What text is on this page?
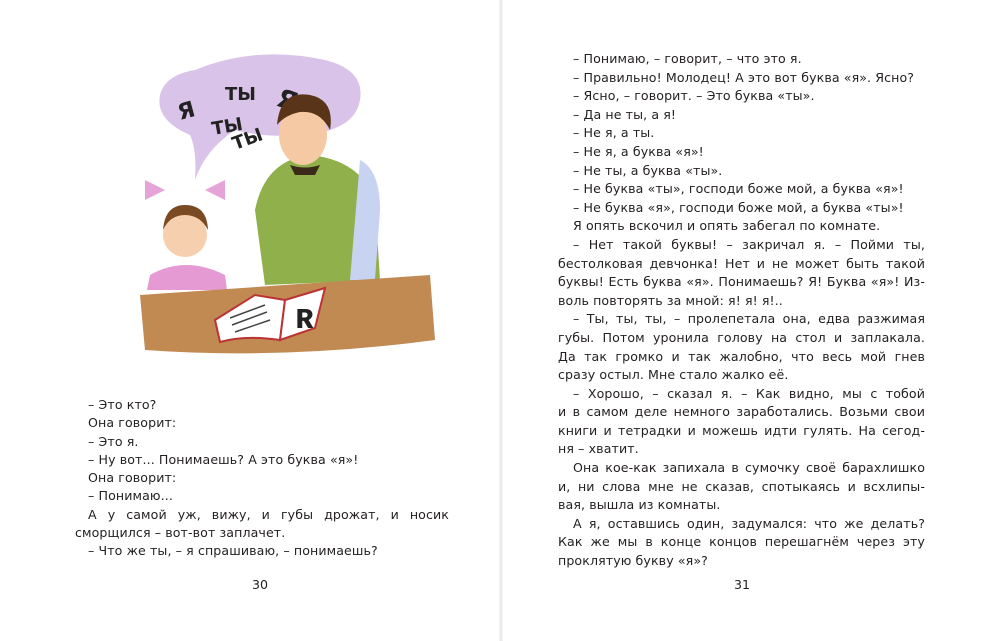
Я
ТЫ
ТЫ
ТЫ
Я
– Это кто?
Она говорит:
– Это я.
– Ну вот... Понимаешь? А это буква «я»!
Она говорит:
– Понимаю...
А у самой уж, вижу, и губы дрожат, и носик
сморщился – вот-вот заплачет.
– Что же ты, – я спрашиваю, – понимаешь?
30
– Понимаю, – говорит, – что это я.
– Правильно! Молодец! А это вот буква «я». Ясно?
– Ясно, – говорит. – Это буква «ты».
– Да не ты, а я!
– Не я, а ты.
– Не я, а буква «я»!
– Не ты, а буква «ты».
– Не буква «ты», господи боже мой, а буква «я»!
– Не буква «я», господи боже мой, а буква «ты»!
Я опять вскочил и опять забегал по комнате.
– Нет такой буквы! – закричал я. – Пойми ты,
бестолковая девчонка! Нет и не может быть такой
буквы! Есть буква «я». Понимаешь? Я! Буква «я»! Из-
воль повторять за мной: я! я! я!..
– Ты, ты, ты, – пролепетала она, едва разжимая
губы. Потом уронила голову на стол и заплакала.
Да так громко и так жалобно, что весь мой гнев
сразу остыл. Мне стало жалко её.
– Хорошо, – сказал я. – Как видно, мы с тобой
и в самом деле немного заработались. Возьми свои
книги и тетрадки и можешь идти гулять. На сегод-
ня – хватит.
Она кое-как запихала в сумочку своё барахлишко
и, ни слова мне не сказав, спотыкаясь и всхлипы-
вая, вышла из комнаты.
А я, оставшись один, задумался: что же делать?
Как же мы в конце концов перешагнём через эту
проклятую букву «я»?
31
